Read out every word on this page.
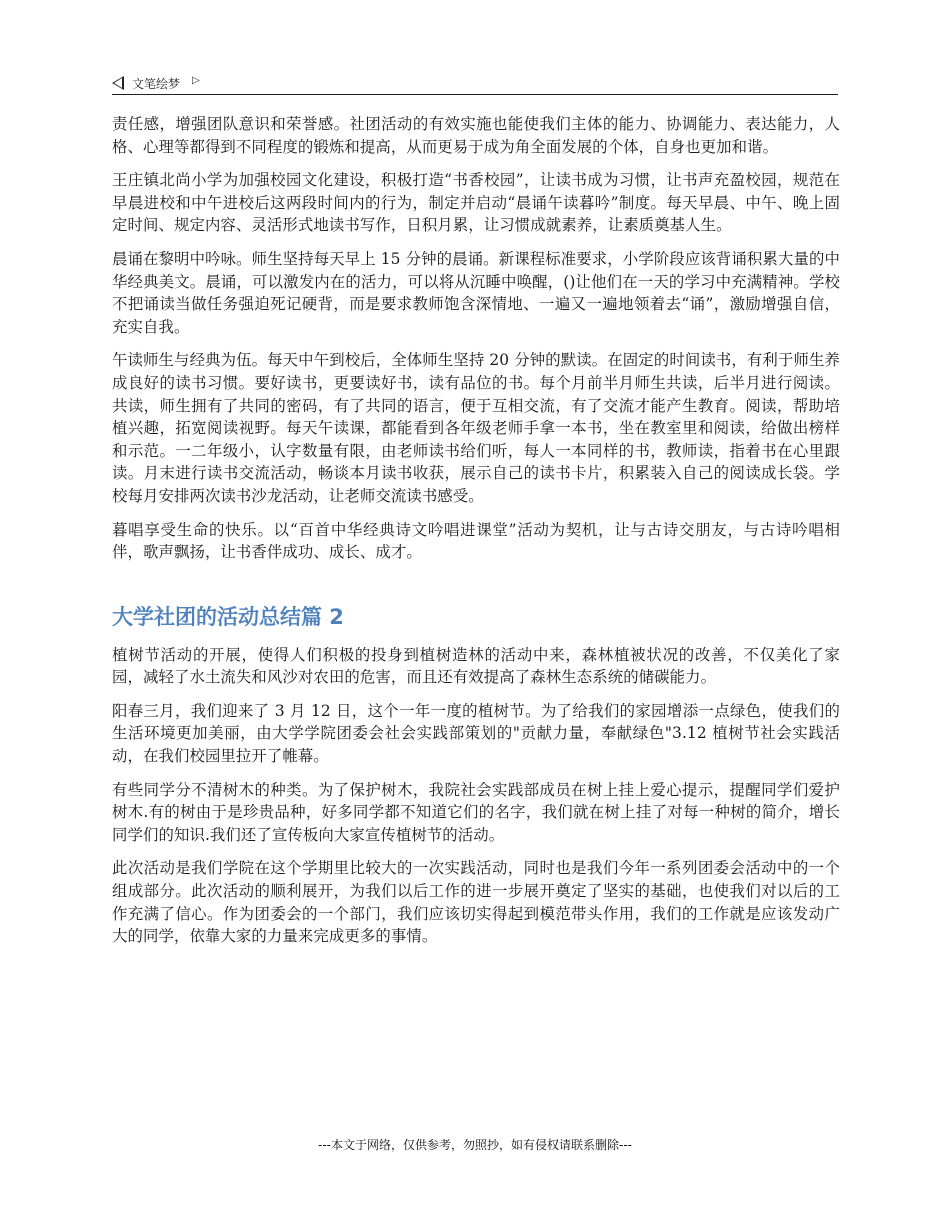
文笔绘梦 ▷

责任感，增强团队意识和荣誉感。社团活动的有效实施也能使我们主体的能力、协调能力、表达能力，人格、心理等都得到不同程度的锻炼和提高，从而更易于成为角全面发展的个体，自身也更加和谐。

王庄镇北尚小学为加强校园文化建设，积极打造“书香校园”，让读书成为习惯，让书声充盈校园，规范在早晨进校和中午进校后这两段时间内的行为，制定并启动“晨诵午读暮吟”制度。每天早晨、中午、晚上固定时间、规定内容、灵活形式地读书写作，日积月累，让习惯成就素养，让素质奠基人生。

晨诵在黎明中吟咏。师生坚持每天早上 15 分钟的晨诵。新课程标准要求，小学阶段应该背诵积累大量的中华经典美文。晨诵，可以激发内在的活力，可以将从沉睡中唤醒，()让他们在一天的学习中充满精神。学校不把诵读当做任务强迫死记硬背，而是要求教师饱含深情地、一遍又一遍地领着去“诵”，激励增强自信，充实自我。

午读师生与经典为伍。每天中午到校后，全体师生坚持 20 分钟的默读。在固定的时间读书，有利于师生养成良好的读书习惯。要好读书，更要读好书，读有品位的书。每个月前半月师生共读，后半月进行阅读。共读，师生拥有了共同的密码，有了共同的语言，便于互相交流，有了交流才能产生教育。阅读，帮助培植兴趣，拓宽阅读视野。每天午读课，都能看到各年级老师手拿一本书，坐在教室里和阅读，给做出榜样和示范。一二年级小，认字数量有限，由老师读书给们听，每人一本同样的书，教师读，指着书在心里跟读。月末进行读书交流活动，畅谈本月读书收获，展示自己的读书卡片，积累装入自己的阅读成长袋。学校每月安排两次读书沙龙活动，让老师交流读书感受。

暮唱享受生命的快乐。以“百首中华经典诗文吟唱进课堂”活动为契机，让与古诗交朋友，与古诗吟唱相伴，歌声飘扬，让书香伴成功、成长、成才。

大学社团的活动总结篇 2

植树节活动的开展，使得人们积极的投身到植树造林的活动中来，森林植被状况的改善，不仅美化了家园，减轻了水土流失和风沙对农田的危害，而且还有效提高了森林生态系统的储碳能力。

阳春三月，我们迎来了 3 月 12 日，这个一年一度的植树节。为了给我们的家园增添一点绿色，使我们的生活环境更加美丽，由大学学院团委会社会实践部策划的"贡献力量，奉献绿色"3.12 植树节社会实践活动，在我们校园里拉开了帷幕。

有些同学分不清树木的种类。为了保护树木，我院社会实践部成员在树上挂上爱心提示，提醒同学们爱护树木.有的树由于是珍贵品种，好多同学都不知道它们的名字，我们就在树上挂了对每一种树的简介，增长同学们的知识.我们还了宣传板向大家宣传植树节的活动。

此次活动是我们学院在这个学期里比较大的一次实践活动，同时也是我们今年一系列团委会活动中的一个组成部分。此次活动的顺利展开，为我们以后工作的进一步展开奠定了坚实的基础，也使我们对以后的工作充满了信心。作为团委会的一个部门，我们应该切实得起到模范带头作用，我们的工作就是应该发动广大的同学，依靠大家的力量来完成更多的事情。

---本文于网络，仅供参考，勿照抄，如有侵权请联系删除---
